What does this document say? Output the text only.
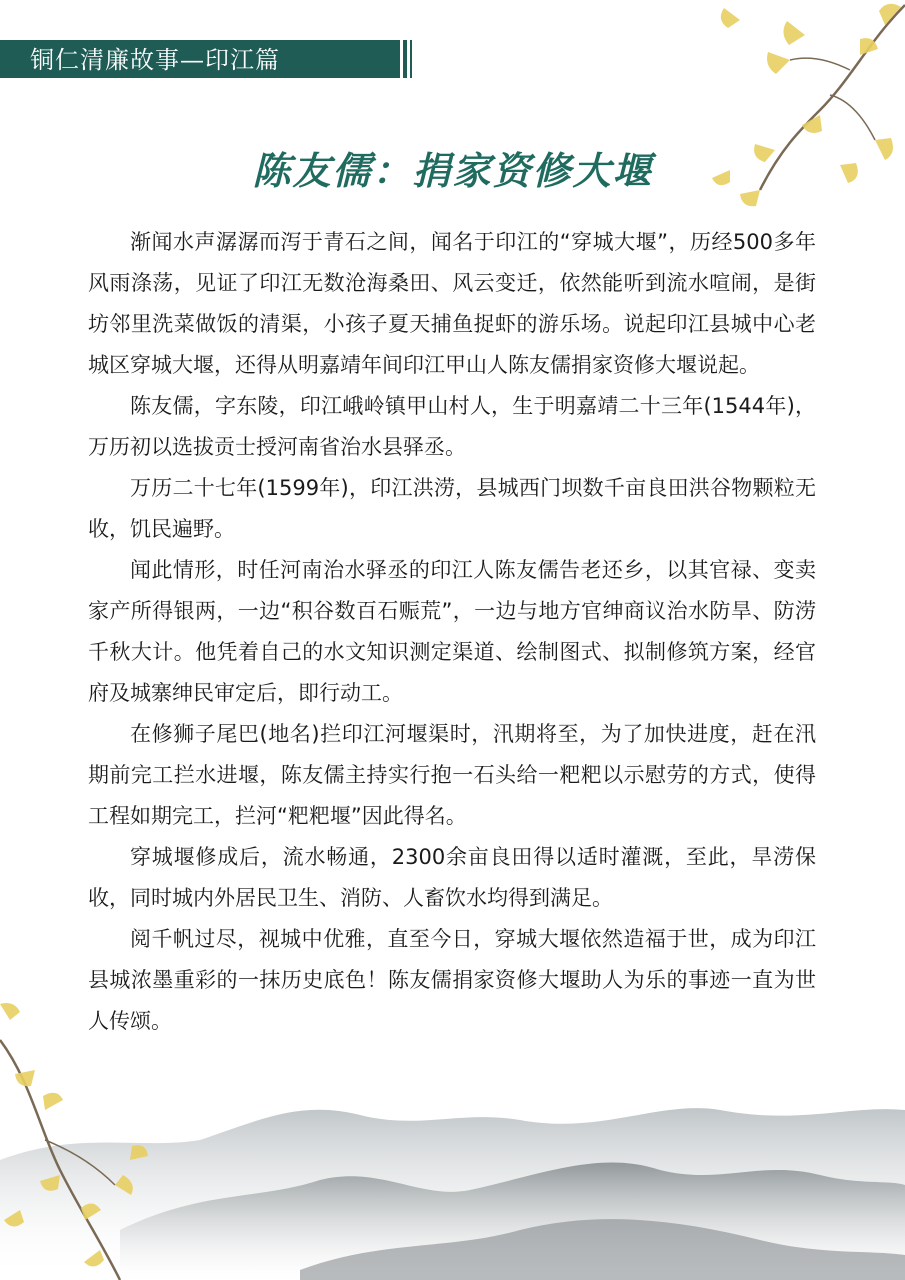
铜仁清廉故事—印江篇
陈友儒：捐家资修大堰

渐闻水声潺潺而泻于青石之间，闻名于印江的“穿城大堰”，历经500多年风雨涤荡，见证了印江无数沧海桑田、风云变迁，依然能听到流水喧闹，是街坊邻里洗菜做饭的清渠，小孩子夏天捕鱼捉虾的游乐场。说起印江县城中心老城区穿城大堰，还得从明嘉靖年间印江甲山人陈友儒捐家资修大堰说起。

陈友儒，字东陵，印江峨岭镇甲山村人，生于明嘉靖二十三年(1544年)，万历初以选拔贡士授河南省治水县驿丞。

万历二十七年(1599年)，印江洪涝，县城西门坝数千亩良田洪谷物颗粒无收，饥民遍野。

闻此情形，时任河南治水驿丞的印江人陈友儒告老还乡，以其官禄、变卖家产所得银两，一边“积谷数百石赈荒”，一边与地方官绅商议治水防旱、防涝千秋大计。他凭着自己的水文知识测定渠道、绘制图式、拟制修筑方案，经官府及城寨绅民审定后，即行动工。

在修狮子尾巴(地名)拦印江河堰渠时，汛期将至，为了加快进度，赶在汛期前完工拦水进堰，陈友儒主持实行抱一石头给一粑粑以示慰劳的方式，使得工程如期完工，拦河“粑粑堰”因此得名。

穿城堰修成后，流水畅通，2300余亩良田得以适时灌溉，至此，旱涝保收，同时城内外居民卫生、消防、人畜饮水均得到满足。

阅千帆过尽，视城中优雅，直至今日，穿城大堰依然造福于世，成为印江县城浓墨重彩的一抹历史底色！陈友儒捐家资修大堰助人为乐的事迹一直为世人传颂。
